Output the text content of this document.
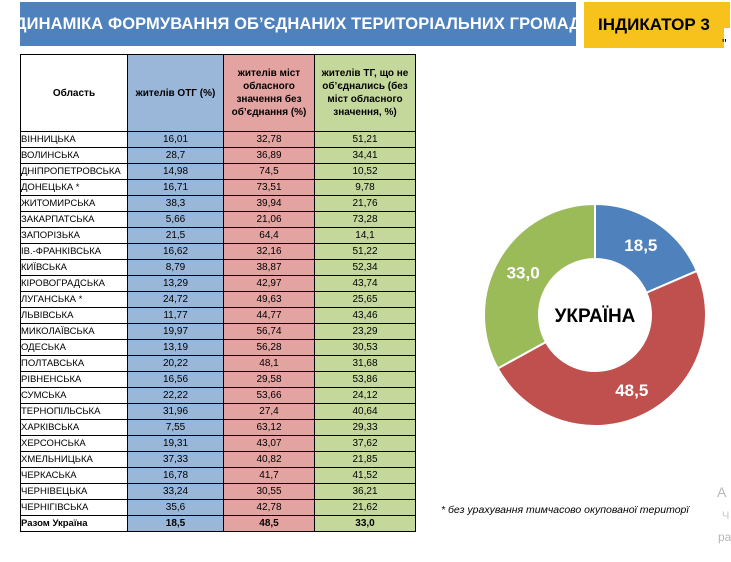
ДИНАМІКА ФОРМУВАННЯ ОБ’ЄДНАНИХ ТЕРИТОРІАЛЬНИХ ГРОМАД ІНДИКАТОР 3
"
Область	жителів ОТГ (%)	жителів міст обласного значення без об’єднання (%)	жителів ТГ, що не об’єднались (без міст обласного значення, %)
ВІННИЦЬКА	16,01	32,78	51,21
ВОЛИНСЬКА	28,7	36,89	34,41
ДНІПРОПЕТРОВСЬКА	14,98	74,5	10,52
ДОНЕЦЬКА *	16,71	73,51	9,78
ЖИТОМИРСЬКА	38,3	39,94	21,76
ЗАКАРПАТСЬКА	5,66	21,06	73,28
ЗАПОРІЗЬКА	21,5	64,4	14,1
ІВ.-ФРАНКІВСЬКА	16,62	32,16	51,22
КИЇВСЬКА	8,79	38,87	52,34
КІРОВОГРАДСЬКА	13,29	42,97	43,74
ЛУГАНСЬКА *	24,72	49,63	25,65
ЛЬВІВСЬКА	11,77	44,77	43,46
МИКОЛАЇВСЬКА	19,97	56,74	23,29
ОДЕСЬКА	13,19	56,28	30,53
ПОЛТАВСЬКА	20,22	48,1	31,68
РІВНЕНСЬКА	16,56	29,58	53,86
СУМСЬКА	22,22	53,66	24,12
ТЕРНОПІЛЬСЬКА	31,96	27,4	40,64
ХАРКІВСЬКА	7,55	63,12	29,33
ХЕРСОНСЬКА	19,31	43,07	37,62
ХМЕЛЬНИЦЬКА	37,33	40,82	21,85
ЧЕРКАСЬКА	16,78	41,7	41,52
ЧЕРНІВЕЦЬКА	33,24	30,55	36,21
ЧЕРНІГІВСЬКА	35,6	42,78	21,62
Разом Україна	18,5	48,5	33,0
18,5
48,5
33,0
УКРАЇНА
* без урахування тимчасово окупованої територї
А
Ч
ра
